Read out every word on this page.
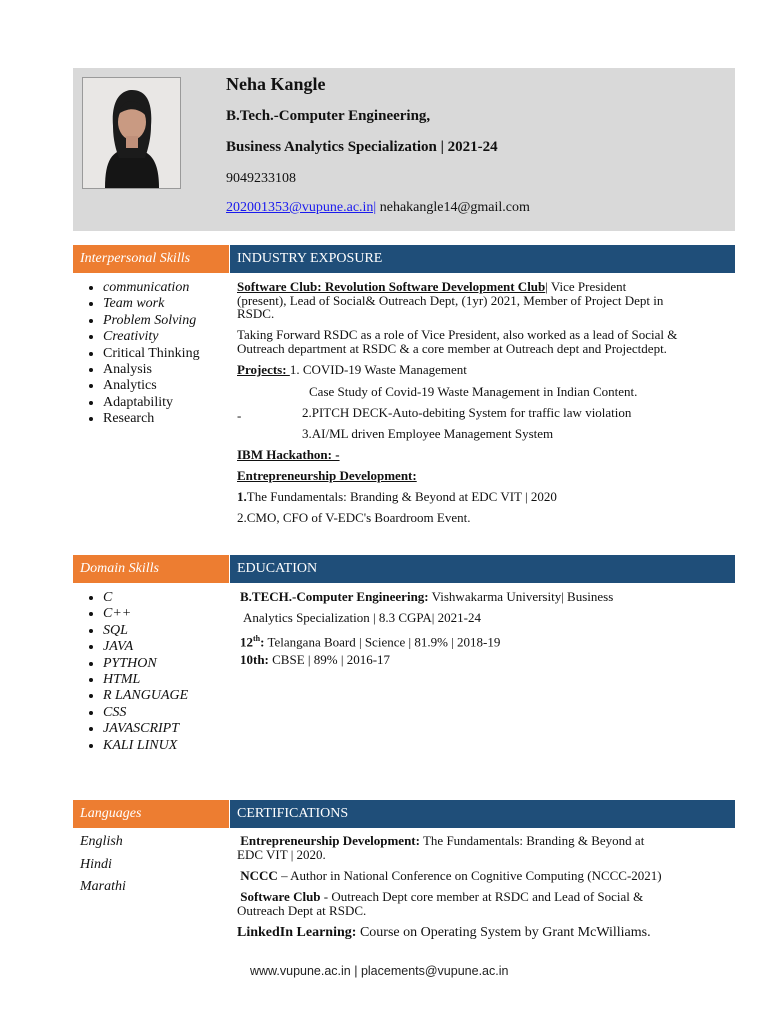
Neha Kangle
B.Tech.-Computer Engineering,
Business Analytics Specialization | 2021-24
9049233108
202001353@vupune.ac.in| nehakangle14@gmail.com
Interpersonal Skills	INDUSTRY EXPOSURE
• communication
• Team work
• Problem Solving
• Creativity
• Critical Thinking
• Analysis
• Analytics
• Adaptability
• Research
Software Club: Revolution Software Development Club| Vice President
(present), Lead of Social& Outreach Dept, (1yr) 2021, Member of Project Dept in
RSDC.
Taking Forward RSDC as a role of Vice President, also worked as a lead of Social &
Outreach department at RSDC & a core member at Outreach dept and Projectdept.
Projects: 1. COVID-19 Waste Management
Case Study of Covid-19 Waste Management in Indian Content.
-	2.PITCH DECK-Auto-debiting System for traffic law violation
3.AI/ML driven Employee Management System
IBM Hackathon: -
Entrepreneurship Development:
1.The Fundamentals: Branding & Beyond at EDC VIT | 2020
2.CMO, CFO of V-EDC's Boardroom Event.
Domain Skills	EDUCATION
• C
• C++
• SQL
• JAVA
• PYTHON
• HTML
• R LANGUAGE
• CSS
• JAVASCRIPT
• KALI LINUX
B.TECH.-Computer Engineering: Vishwakarma University| Business
Analytics Specialization | 8.3 CGPA| 2021-24
12th: Telangana Board | Science | 81.9% | 2018-19
10th: CBSE | 89% | 2016-17
Languages	CERTIFICATIONS
English
Hindi
Marathi
Entrepreneurship Development: The Fundamentals: Branding & Beyond at
EDC VIT | 2020.
NCCC – Author in National Conference on Cognitive Computing (NCCC-2021)
Software Club - Outreach Dept core member at RSDC and Lead of Social &
Outreach Dept at RSDC.
LinkedIn Learning: Course on Operating System by Grant McWilliams.
www.vupune.ac.in | placements@vupune.ac.in
